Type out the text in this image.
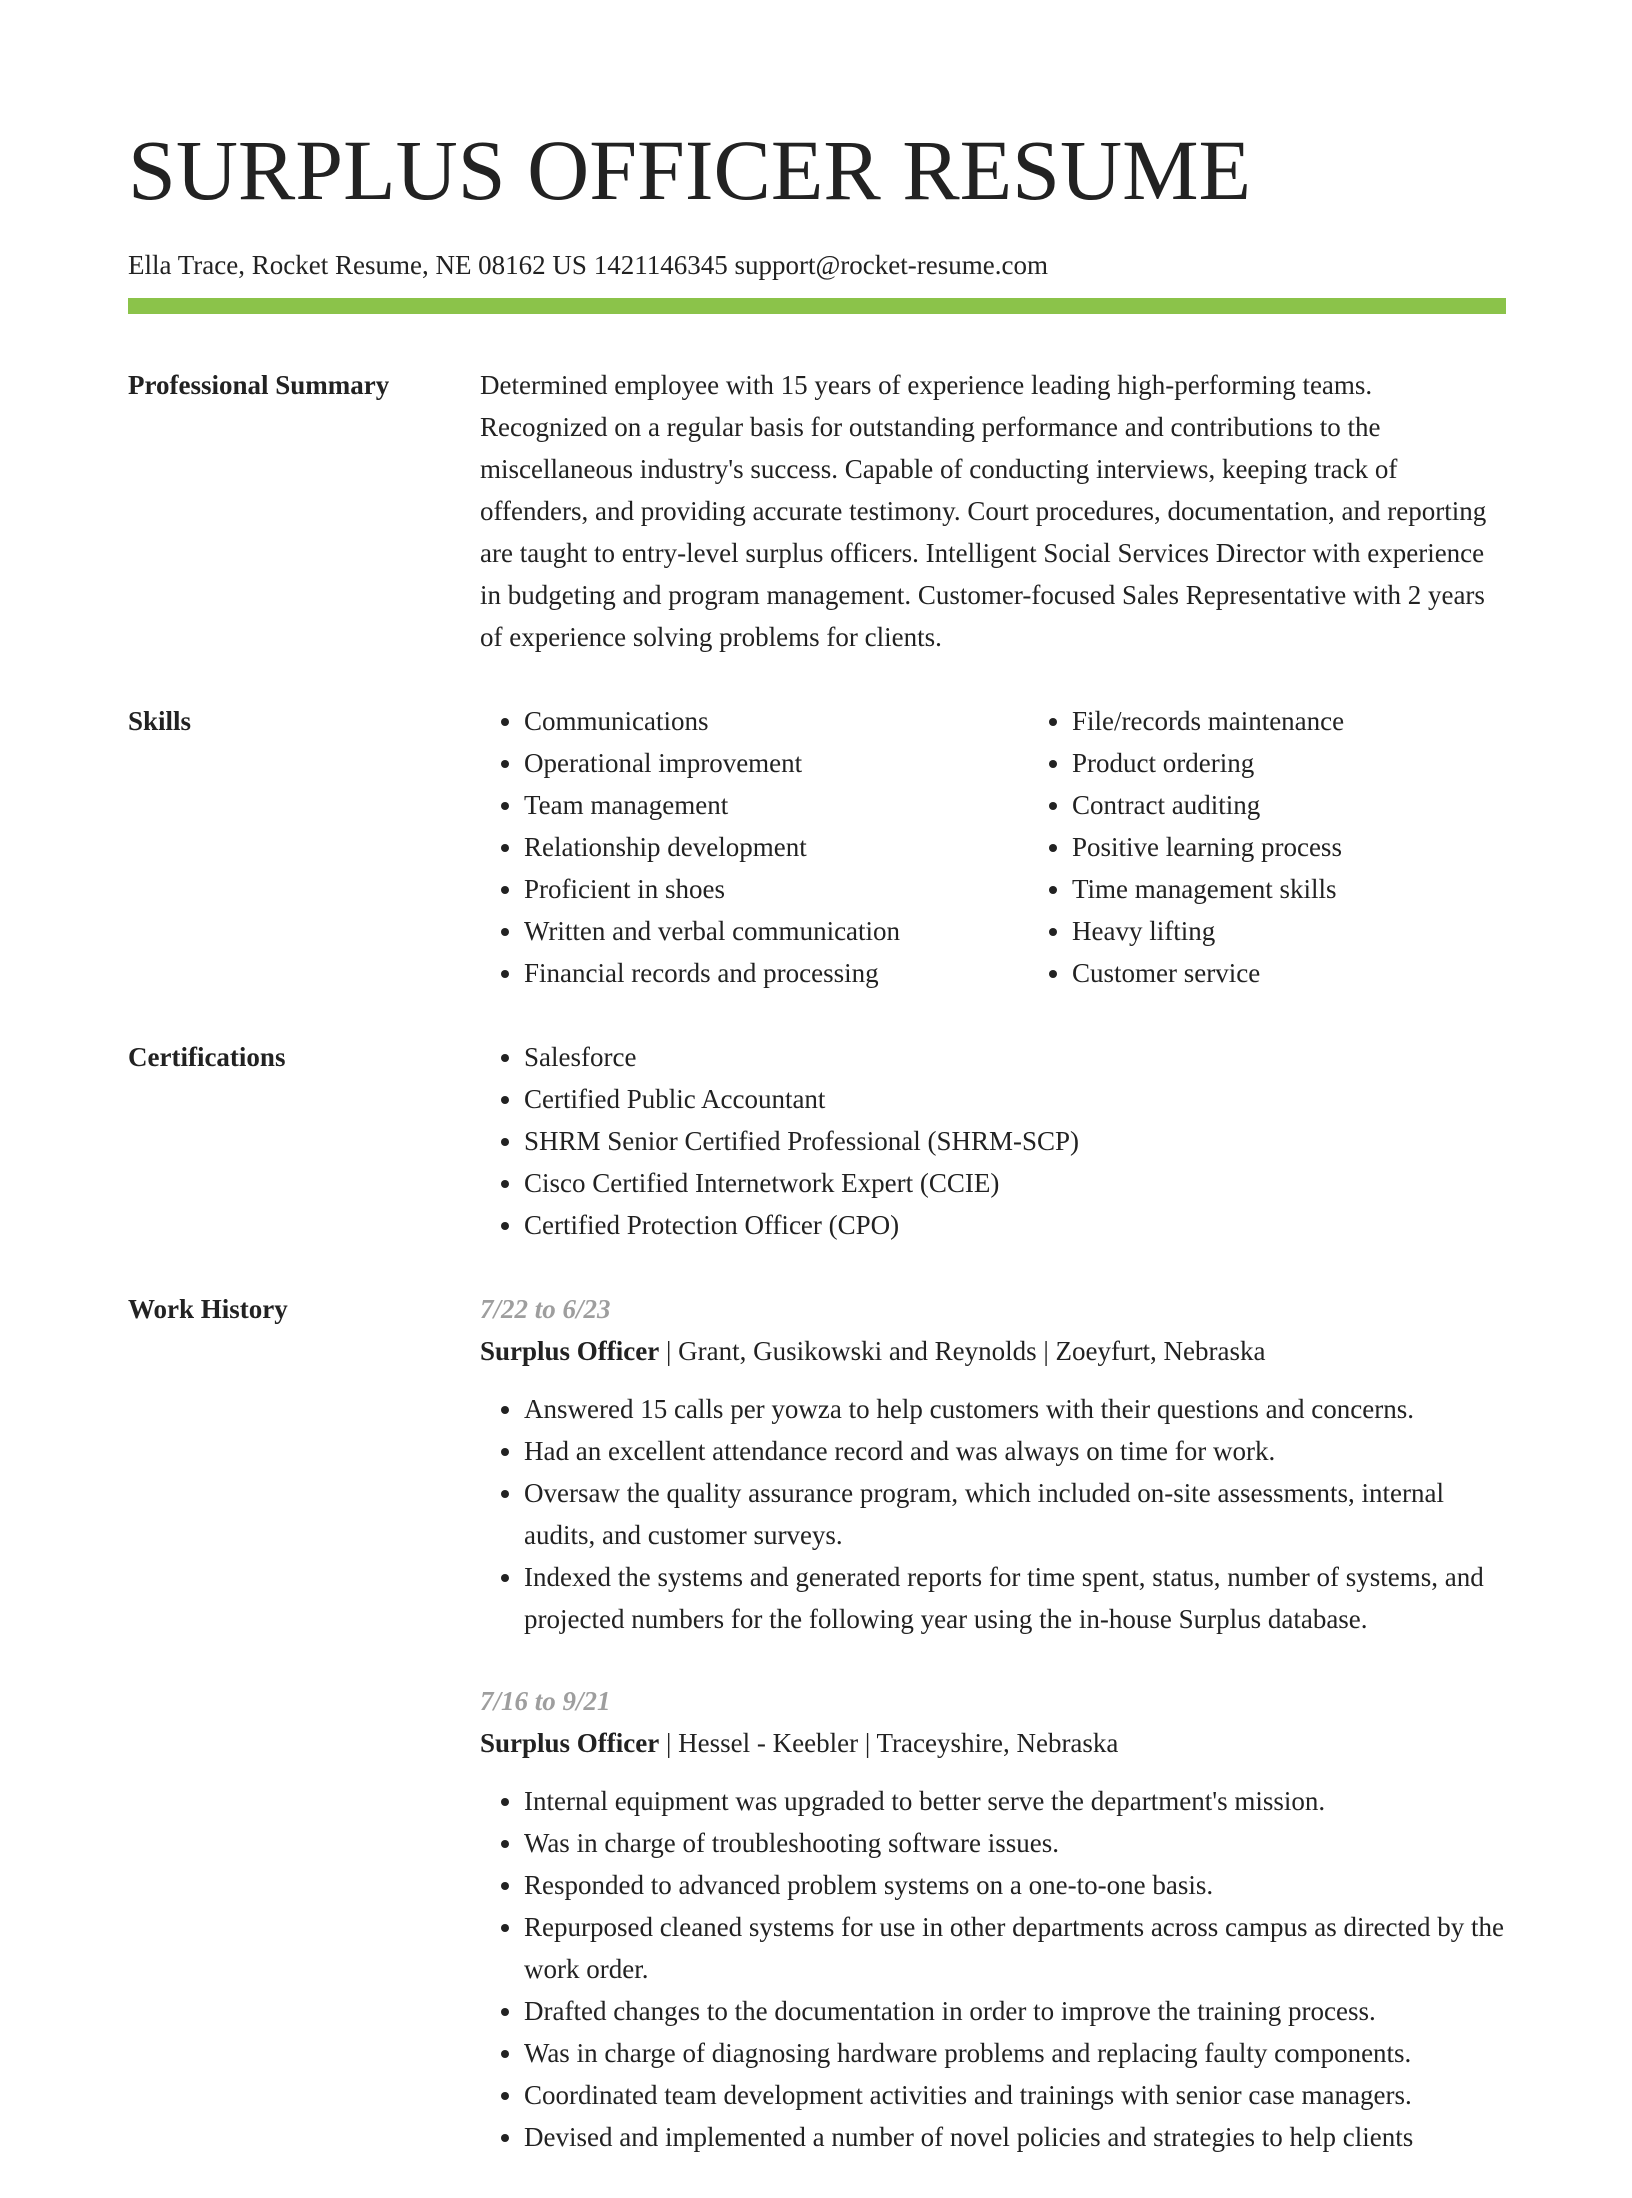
SURPLUS OFFICER RESUME
Ella Trace, Rocket Resume, NE 08162 US 1421146345 support@rocket-resume.com
Professional Summary	Determined employee with 15 years of experience leading high-performing teams. Recognized on a regular basis for outstanding performance and contributions to the miscellaneous industry's success. Capable of conducting interviews, keeping track of offenders, and providing accurate testimony. Court procedures, documentation, and reporting are taught to entry-level surplus officers. Intelligent Social Services Director with experience in budgeting and program management. Customer-focused Sales Representative with 2 years of experience solving problems for clients.

Skills	• Communications
• Operational improvement
• Team management
• Relationship development
• Proficient in shoes
• Written and verbal communication
• Financial records and processing
• File/records maintenance
• Product ordering
• Contract auditing
• Positive learning process
• Time management skills
• Heavy lifting
• Customer service
Certifications	• Salesforce
• Certified Public Accountant
• SHRM Senior Certified Professional (SHRM-SCP)
• Cisco Certified Internetwork Expert (CCIE)
• Certified Protection Officer (CPO)
Work History	7/22 to 6/23
Surplus Officer | Grant, Gusikowski and Reynolds | Zoeyfurt, Nebraska
• Answered 15 calls per yowza to help customers with their questions and concerns.
• Had an excellent attendance record and was always on time for work.
• Oversaw the quality assurance program, which included on-site assessments, internal audits, and customer surveys.
• Indexed the systems and generated reports for time spent, status, number of systems, and projected numbers for the following year using the in-house Surplus database.
7/16 to 9/21
Surplus Officer | Hessel - Keebler | Traceyshire, Nebraska
• Internal equipment was upgraded to better serve the department's mission.
• Was in charge of troubleshooting software issues.
• Responded to advanced problem systems on a one-to-one basis.
• Repurposed cleaned systems for use in other departments across campus as directed by the work order.
• Drafted changes to the documentation in order to improve the training process.
• Was in charge of diagnosing hardware problems and replacing faulty components.
• Coordinated team development activities and trainings with senior case managers.
• Devised and implemented a number of novel policies and strategies to help clients
